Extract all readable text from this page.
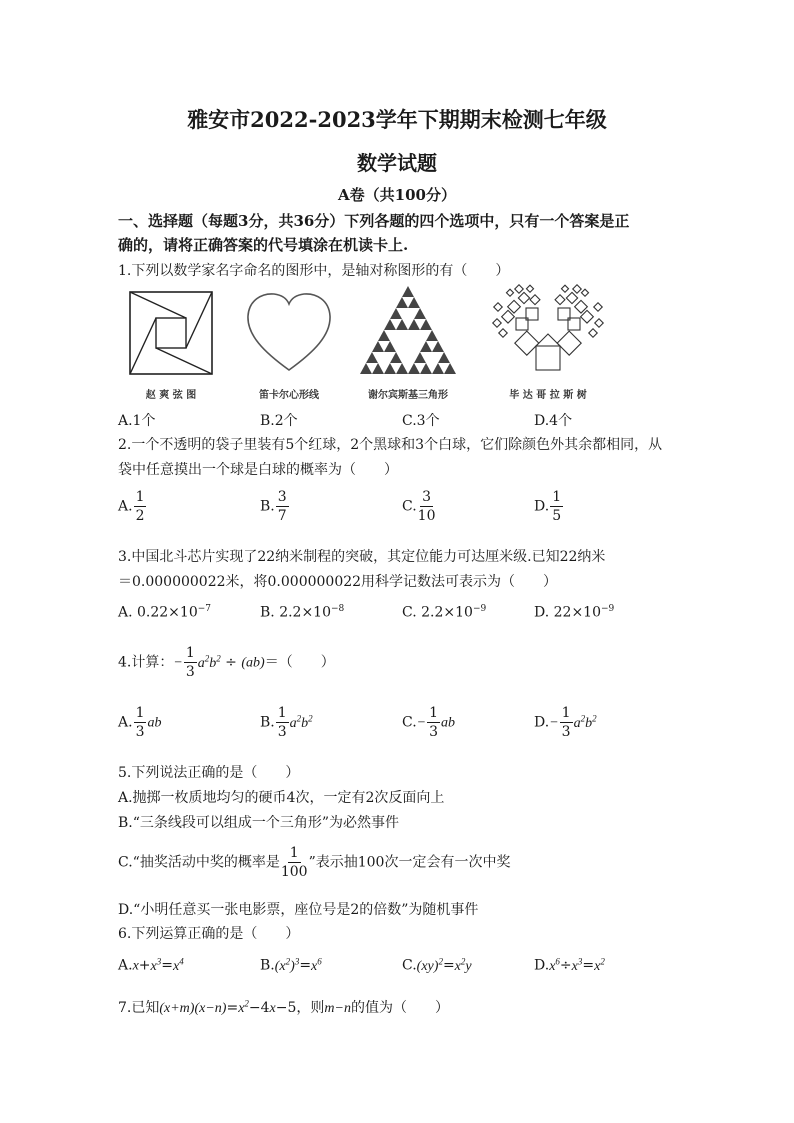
雅安市2022-2023学年下期期末检测七年级
数学试题
A卷（共100分）
一、选择题（每题3分，共36分）下列各题的四个选项中，只有一个答案是正
确的，请将正确答案的代号填涂在机读卡上.
1.下列以数学家名字命名的图形中，是轴对称图形的有（　　）
赵 爽 弦 图	笛卡尔心形线	谢尔宾斯基三角形	毕 达 哥 拉 斯 树
A.1个	B.2个	C.3个	D.4个
2.一个不透明的袋子里装有5个红球，2个黑球和3个白球，它们除颜色外其余都相同，从
袋中任意摸出一个球是白球的概率为（　　）
A. $\frac{1}{2}$	B. $\frac{3}{7}$	C. $\frac{3}{10}$	D. $\frac{1}{5}$
3.中国北斗芯片实现了22纳米制程的突破，其定位能力可达厘米级.已知22纳米
＝0.000000022米，将0.000000022用科学记数法可表示为（　　）
A. $0.22\times 10^{-7}$	B. $2.2\times 10^{-8}$	C. $2.2\times 10^{-9}$	D. $22\times 10^{-9}$
4.计算：− $\frac{1}{3} a^2b^2 \div (ab)=$（　　）
A. $\frac{1}{3}$ ab	B. $\frac{1}{3} a^2b^2$	$C.- \frac{1}{3}$ ab	$D.- \frac{1}{3} a^2b^2$
5.下列说法正确的是（　　）
A.抛掷一枚质地均匀的硬币4次，一定有2次反面向上
B.“三条线段可以组成一个三角形”为必然事件
C.“抽奖活动中奖的概率是 $\frac{1}{100}$ ”表示抽100次一定会有一次中奖
D.“小明任意买一张电影票，座位号是2的倍数”为随机事件
6.下列运算正确的是（　　）
$A.x+x^3=x^4$	$B.(x^2)^3=x^6$	$C.(xy)^2=x^2y$	$D.x^6\div x^3=x^2$
7.已知$(x+m)(x-n)=x^2-4x-5$，则m−n的值为（　　）
